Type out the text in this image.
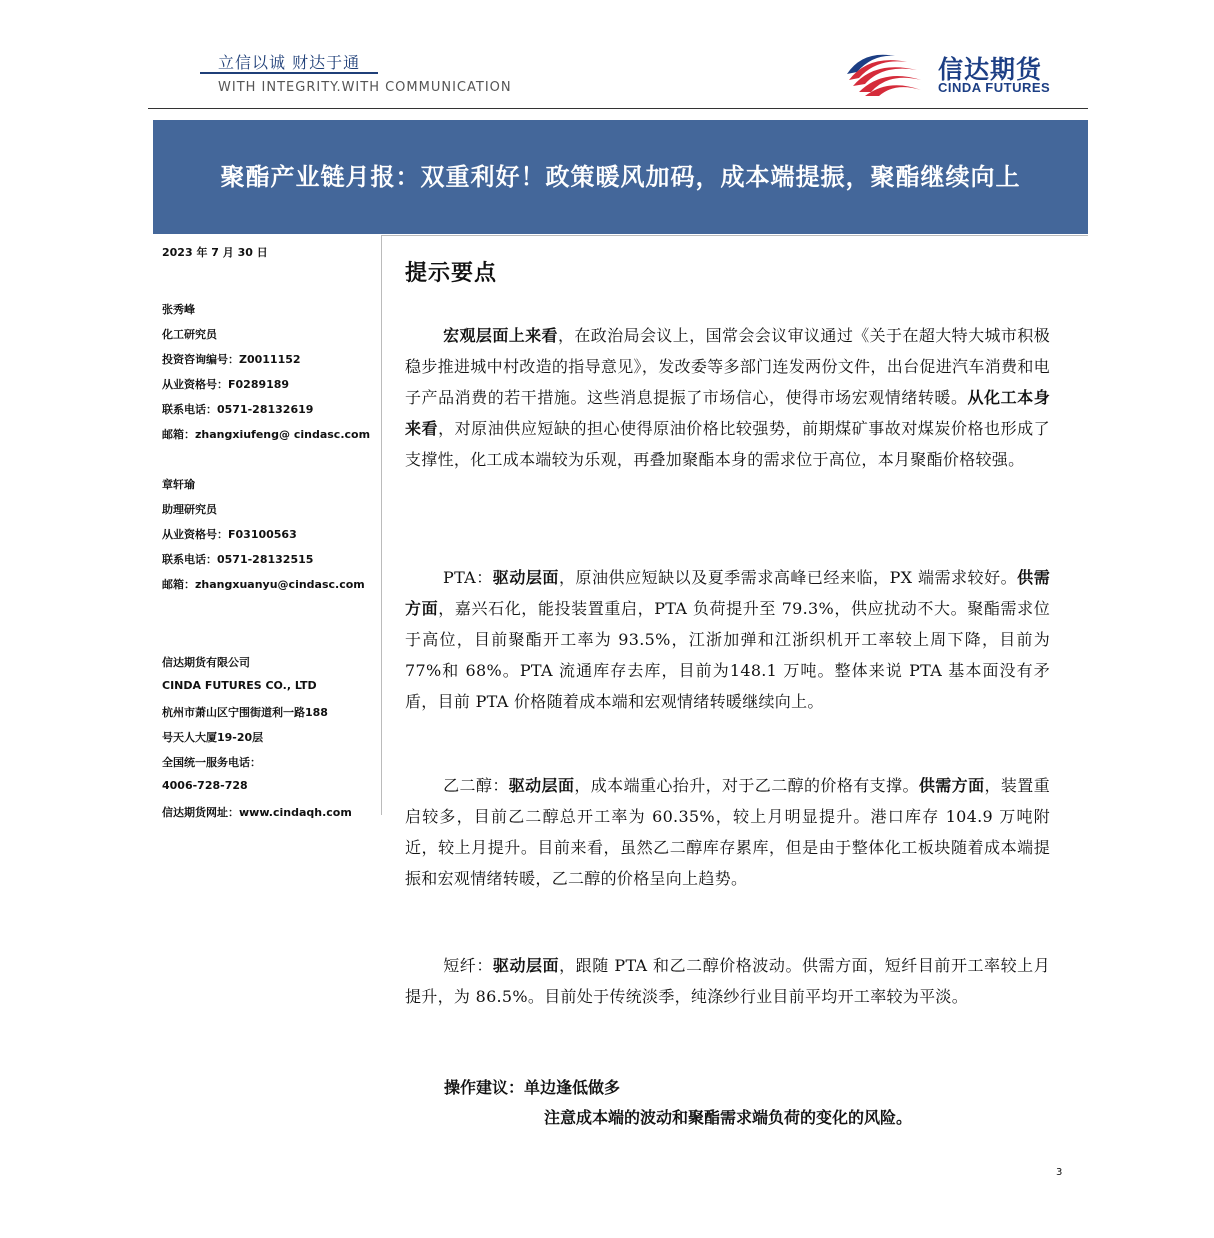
立信以诚 财达于通
WITH INTEGRITY.WITH COMMUNICATION
信达期货
CINDA FUTURES
聚酯产业链月报：双重利好！政策暖风加码，成本端提振，聚酯继续向上
2023 年 7 月 30 日
张秀峰
化工研究员
投资咨询编号：Z0011152
从业资格号：F0289189
联系电话：0571-28132619
邮箱：zhangxiufeng@ cindasc.com
章轩瑜
助理研究员
从业资格号：F03100563
联系电话：0571-28132515
邮箱：zhangxuanyu@cindasc.com
信达期货有限公司
CINDA FUTURES CO., LTD
杭州市萧山区宁围街道利一路188
号天人大厦19-20层
全国统一服务电话：
4006-728-728
信达期货网址：www.cindaqh.com
提示要点
宏观层面上来看，在政治局会议上，国常会会议审议通过《关于在超大特大城市积极稳步推进城中村改造的指导意见》，发改委等多部门连发两份文件，出台促进汽车消费和电子产品消费的若干措施。这些消息提振了市场信心，使得市场宏观情绪转暖。从化工本身来看，对原油供应短缺的担心使得原油价格比较强势，前期煤矿事故对煤炭价格也形成了支撑性，化工成本端较为乐观，再叠加聚酯本身的需求位于高位，本月聚酯价格较强。
PTA：驱动层面，原油供应短缺以及夏季需求高峰已经来临，PX 端需求较好。供需方面，嘉兴石化，能投装置重启，PTA 负荷提升至 79.3%，供应扰动不大。聚酯需求位于高位，目前聚酯开工率为 93.5%，江浙加弹和江浙织机开工率较上周下降，目前为 77%和 68%。PTA 流通库存去库，目前为148.1 万吨。整体来说 PTA 基本面没有矛盾，目前 PTA 价格随着成本端和宏观情绪转暖继续向上。
乙二醇：驱动层面，成本端重心抬升，对于乙二醇的价格有支撑。供需方面，装置重启较多，目前乙二醇总开工率为 60.35%，较上月明显提升。港口库存 104.9 万吨附近，较上月提升。目前来看，虽然乙二醇库存累库，但是由于整体化工板块随着成本端提振和宏观情绪转暖，乙二醇的价格呈向上趋势。
短纤：驱动层面，跟随 PTA 和乙二醇价格波动。供需方面，短纤目前开工率较上月提升，为 86.5%。目前处于传统淡季，纯涤纱行业目前平均开工率较为平淡。
操作建议：单边逢低做多
注意成本端的波动和聚酯需求端负荷的变化的风险。
3
